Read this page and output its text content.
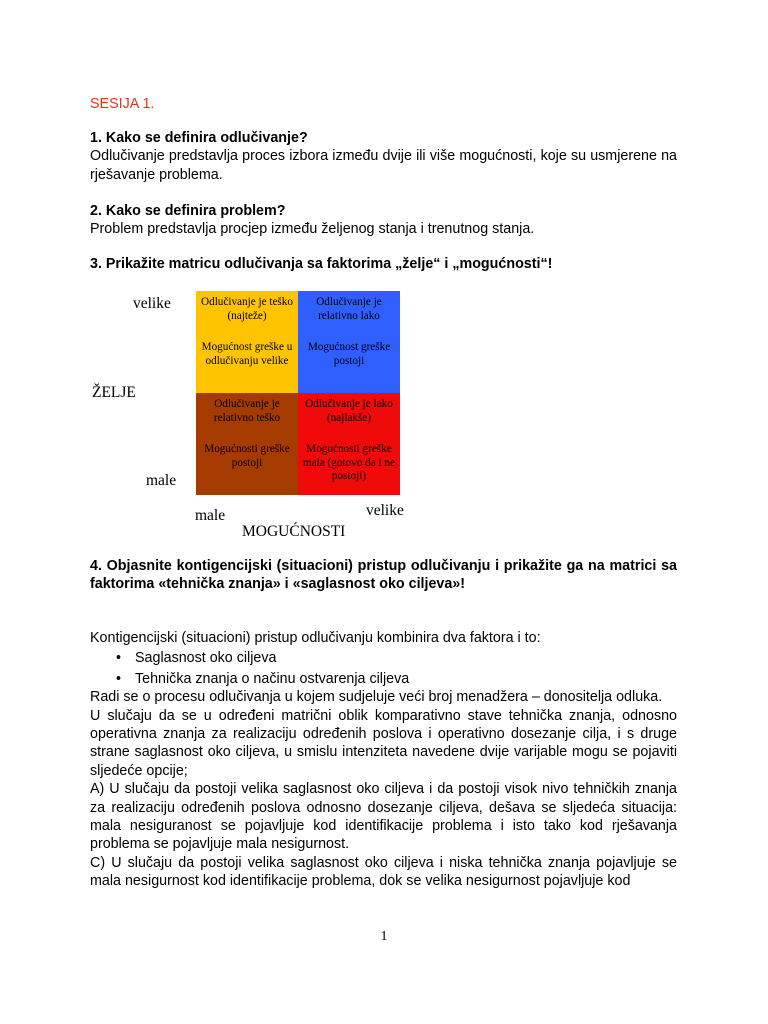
SESIJA 1.

1. Kako se definira odlučivanje?

Odlučivanje predstavlja proces izbora između dvije ili više mogućnosti, koje su usmjerene na rješavanje problema.

2. Kako se definira problem?

Problem predstavlja procjep između željenog stanja i trenutnog stanja.

3. Prikažite matricu odlučivanja sa faktorima „želje“ i „mogućnosti“!
velike
ŽELJE
male
Odlučivanje je teško (najteže)
Mogućnost greške u odlučivanju velike
Odlučivanje je relativno lako
Mogućnost greške postoji
Odlučivanje je relativno teško
Mogućnosti greške postoji
Odlučivanje je lako (najlakše)
Mogućnosti greške mala (gotovo da i ne postoji)
male	velike
MOGUĆNOSTI

4. Objasnite kontigencijski (situacioni) pristup odlučivanju i prikažite ga na matrici sa

faktorima «tehnička znanja» i «saglasnost oko ciljeva»!

Kontigencijski (situacioni) pristup odlučivanju kombinira dva faktora i to:

• Saglasnost oko ciljeva
• Tehnička znanja o načinu ostvarenja ciljeva

Radi se o procesu odlučivanja u kojem sudjeluje veći broj menadžera – donositelja odluka.

U slučaju da se u određeni matrični oblik komparativno stave tehnička znanja, odnosno operativna znanja za realizaciju određenih poslova i operativno dosezanje cilja, i s druge strane saglasnost oko ciljeva, u smislu intenziteta navedene dvije varijable mogu se pojaviti sljedeće opcije;

A) U slučaju da postoji velika saglasnost oko ciljeva i da postoji visok nivo tehničkih znanja za realizaciju određenih poslova odnosno dosezanje ciljeva, dešava se sljedeća situacija: mala nesiguranost se pojavljuje kod identifikacije problema i isto tako kod rješavanja problema se pojavljuje mala nesigurnost.

C) U slučaju da postoji velika saglasnost oko ciljeva i niska tehnička znanja pojavljuje se mala nesigurnost kod identifikacije problema, dok se velika nesigurnost pojavljuje kod

1
